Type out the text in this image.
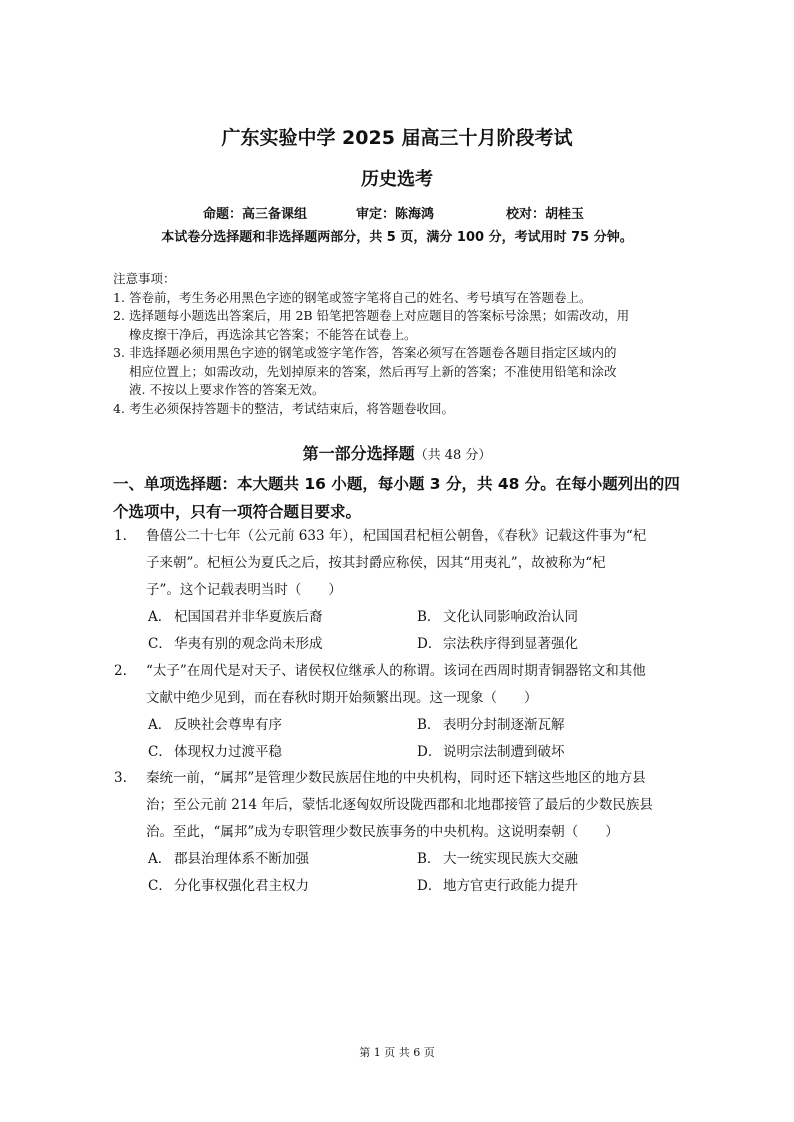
广东实验中学 2025 届高三十月阶段考试
历史选考
命题：高三备课组	审定：陈海鸿	校对：胡桂玉
本试卷分选择题和非选择题两部分，共 5 页，满分 100 分，考试用时 75 分钟。
注意事项：
1. 答卷前，考生务必用黑色字迹的钢笔或签字笔将自己的姓名、考号填写在答题卷上。
2. 选择题每小题选出答案后，用 2B 铅笔把答题卷上对应题目的答案标号涂黑；如需改动，用
橡皮擦干净后，再选涂其它答案；不能答在试卷上。
3. 非选择题必须用黑色字迹的钢笔或签字笔作答，答案必须写在答题卷各题目指定区域内的
相应位置上；如需改动，先划掉原来的答案，然后再写上新的答案；不准使用铅笔和涂改
液. 不按以上要求作答的答案无效。
4. 考生必须保持答题卡的整洁，考试结束后，将答题卷收回。
第一部分选择题（共 48 分）
一、单项选择题：本大题共 16 小题，每小题 3 分，共 48 分。在每小题列出的四
个选项中，只有一项符合题目要求。
1. 鲁僖公二十七年（公元前 633 年），杞国国君杞桓公朝鲁，《春秋》记载这件事为“杞
子来朝”。杞桓公为夏氏之后，按其封爵应称侯，因其“用夷礼”，故被称为“杞
子”。这个记载表明当时（　　）
A． 杞国国君并非华夏族后裔	B． 文化认同影响政治认同
C． 华夷有别的观念尚未形成	D． 宗法秩序得到显著强化
2. “太子”在周代是对天子、诸侯权位继承人的称谓。该词在西周时期青铜器铭文和其他
文献中绝少见到，而在春秋时期开始频繁出现。这一现象（　　）
A． 反映社会尊卑有序	B． 表明分封制逐渐瓦解
C． 体现权力过渡平稳	D． 说明宗法制遭到破坏
3. 秦统一前，“属邦”是管理少数民族居住地的中央机构，同时还下辖这些地区的地方县
治；至公元前 214 年后，蒙恬北逐匈奴所设陇西郡和北地郡接管了最后的少数民族县
治。至此，“属邦”成为专职管理少数民族事务的中央机构。这说明秦朝（　　）
A． 郡县治理体系不断加强	B． 大一统实现民族大交融
C． 分化事权强化君主权力	D． 地方官吏行政能力提升
第 1 页 共 6 页
